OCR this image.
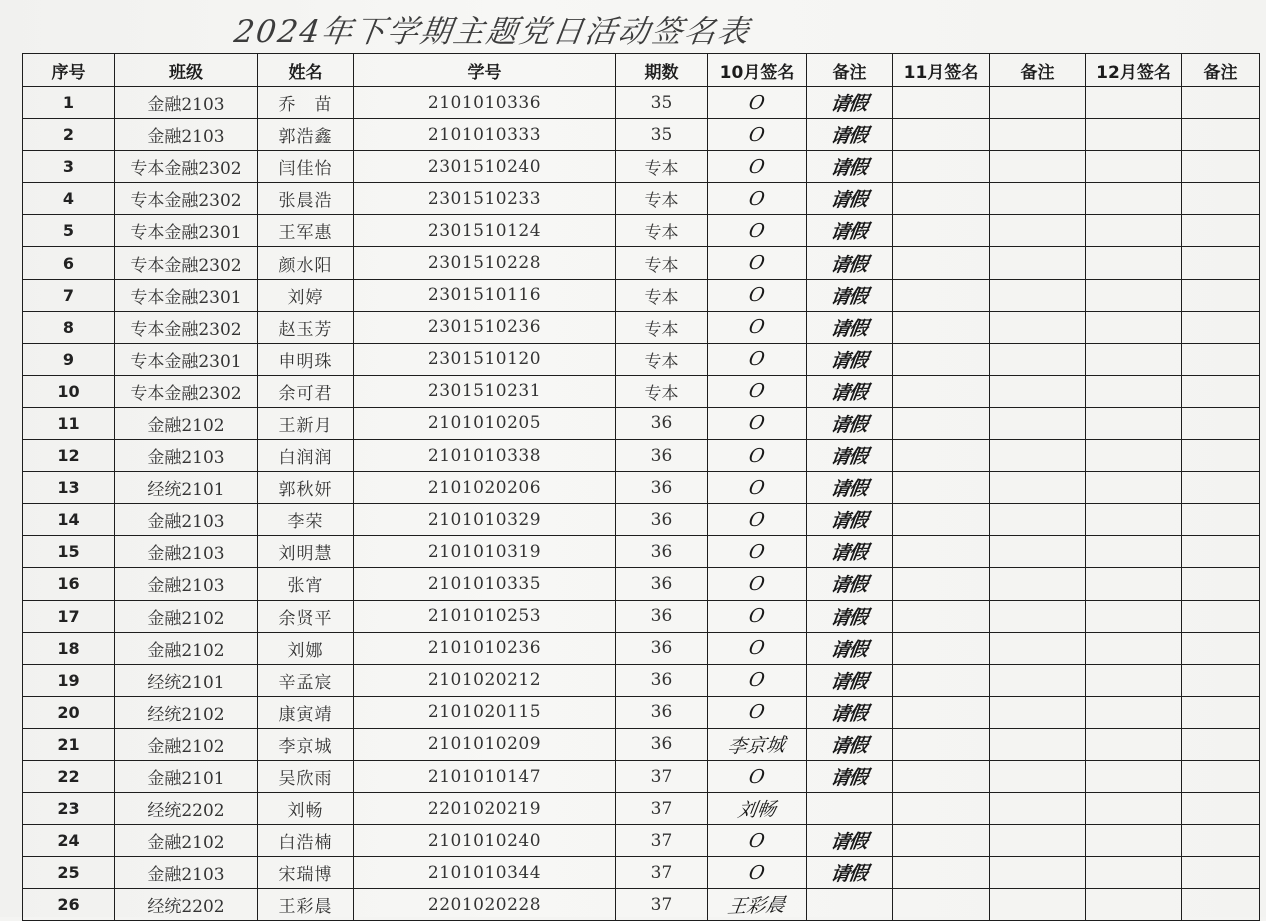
2024年下学期主题党日活动签名表
序号	班级	姓名	学号	期数	10月签名	备注	11月签名	备注	12月签名	备注
1	金融2103	乔　苗	2101010336	35	O	请假				
2	金融2103	郭浩鑫	2101010333	35	O	请假				
3	专本金融2302	闫佳怡	2301510240	专本	O	请假				
4	专本金融2302	张晨浩	2301510233	专本	O	请假				
5	专本金融2301	王军惠	2301510124	专本	O	请假				
6	专本金融2302	颜水阳	2301510228	专本	O	请假				
7	专本金融2301	刘婷	2301510116	专本	O	请假				
8	专本金融2302	赵玉芳	2301510236	专本	O	请假				
9	专本金融2301	申明珠	2301510120	专本	O	请假				
10	专本金融2302	余可君	2301510231	专本	O	请假				
11	金融2102	王新月	2101010205	36	O	请假				
12	金融2103	白润润	2101010338	36	O	请假				
13	经统2101	郭秋妍	2101020206	36	O	请假				
14	金融2103	李荣	2101010329	36	O	请假				
15	金融2103	刘明慧	2101010319	36	O	请假				
16	金融2103	张宵	2101010335	36	O	请假				
17	金融2102	余贤平	2101010253	36	O	请假				
18	金融2102	刘娜	2101010236	36	O	请假				
19	经统2101	辛孟宸	2101020212	36	O	请假				
20	经统2102	康寅靖	2101020115	36	O	请假				
21	金融2102	李京城	2101010209	36	李京城	请假				
22	金融2101	吴欣雨	2101010147	37	O	请假				
23	经统2202	刘畅	2201020219	37	刘畅					
24	金融2102	白浩楠	2101010240	37	O	请假				
25	金融2103	宋瑞博	2101010344	37	O	请假				
26	经统2202	王彩晨	2201020228	37	王彩晨					
